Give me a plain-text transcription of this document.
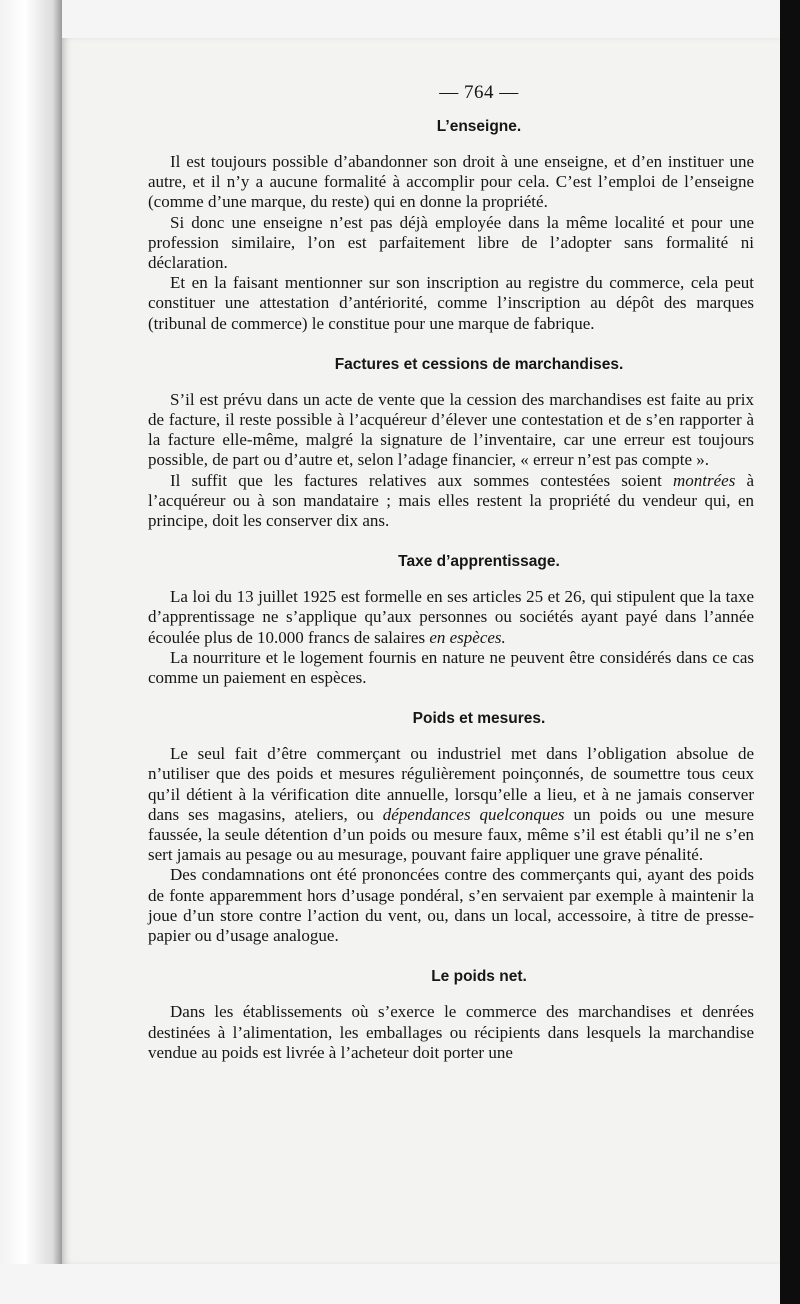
— 764 —
L’enseigne.

Il est toujours possible d’abandonner son droit à une enseigne, et d’en instituer une autre, et il n’y a aucune formalité à accomplir pour cela. C’est l’emploi de l’enseigne (comme d’une marque, du reste) qui en donne la propriété.

Si donc une enseigne n’est pas déjà employée dans la même localité et pour une profession similaire, l’on est parfaitement libre de l’adopter sans formalité ni déclaration.

Et en la faisant mentionner sur son inscription au registre du commerce, cela peut constituer une attestation d’antériorité, comme l’inscription au dépôt des marques (tribunal de commerce) le constitue pour une marque de fabrique.

Factures et cessions de marchandises.

S’il est prévu dans un acte de vente que la cession des marchandises est faite au prix de facture, il reste possible à l’acquéreur d’élever une contestation et de s’en rapporter à la facture elle-même, malgré la signature de l’inventaire, car une erreur est toujours possible, de part ou d’autre et, selon l’adage financier, « erreur n’est pas compte ».

Il suffit que les factures relatives aux sommes contestées soient montrées à l’acquéreur ou à son mandataire ; mais elles restent la propriété du vendeur qui, en principe, doit les conserver dix ans.

Taxe d’apprentissage.

La loi du 13 juillet 1925 est formelle en ses articles 25 et 26, qui stipulent que la taxe d’apprentissage ne s’applique qu’aux personnes ou sociétés ayant payé dans l’année écoulée plus de 10.000 francs de salaires en espèces.

La nourriture et le logement fournis en nature ne peuvent être considérés dans ce cas comme un paiement en espèces.

Poids et mesures.

Le seul fait d’être commerçant ou industriel met dans l’obligation absolue de n’utiliser que des poids et mesures régulièrement poinçonnés, de soumettre tous ceux qu’il détient à la vérification dite annuelle, lorsqu’elle a lieu, et à ne jamais conserver dans ses magasins, ateliers, ou dépendances quelconques un poids ou une mesure faussée, la seule détention d’un poids ou mesure faux, même s’il est établi qu’il ne s’en sert jamais au pesage ou au mesurage, pouvant faire appliquer une grave pénalité.

Des condamnations ont été prononcées contre des commerçants qui, ayant des poids de fonte apparemment hors d’usage pondéral, s’en servaient par exemple à maintenir la joue d’un store contre l’action du vent, ou, dans un local, accessoire, à titre de presse-papier ou d’usage analogue.

Le poids net.

Dans les établissements où s’exerce le commerce des marchandises et denrées destinées à l’alimentation, les emballages ou récipients dans lesquels la marchandise vendue au poids est livrée à l’acheteur doit porter une
